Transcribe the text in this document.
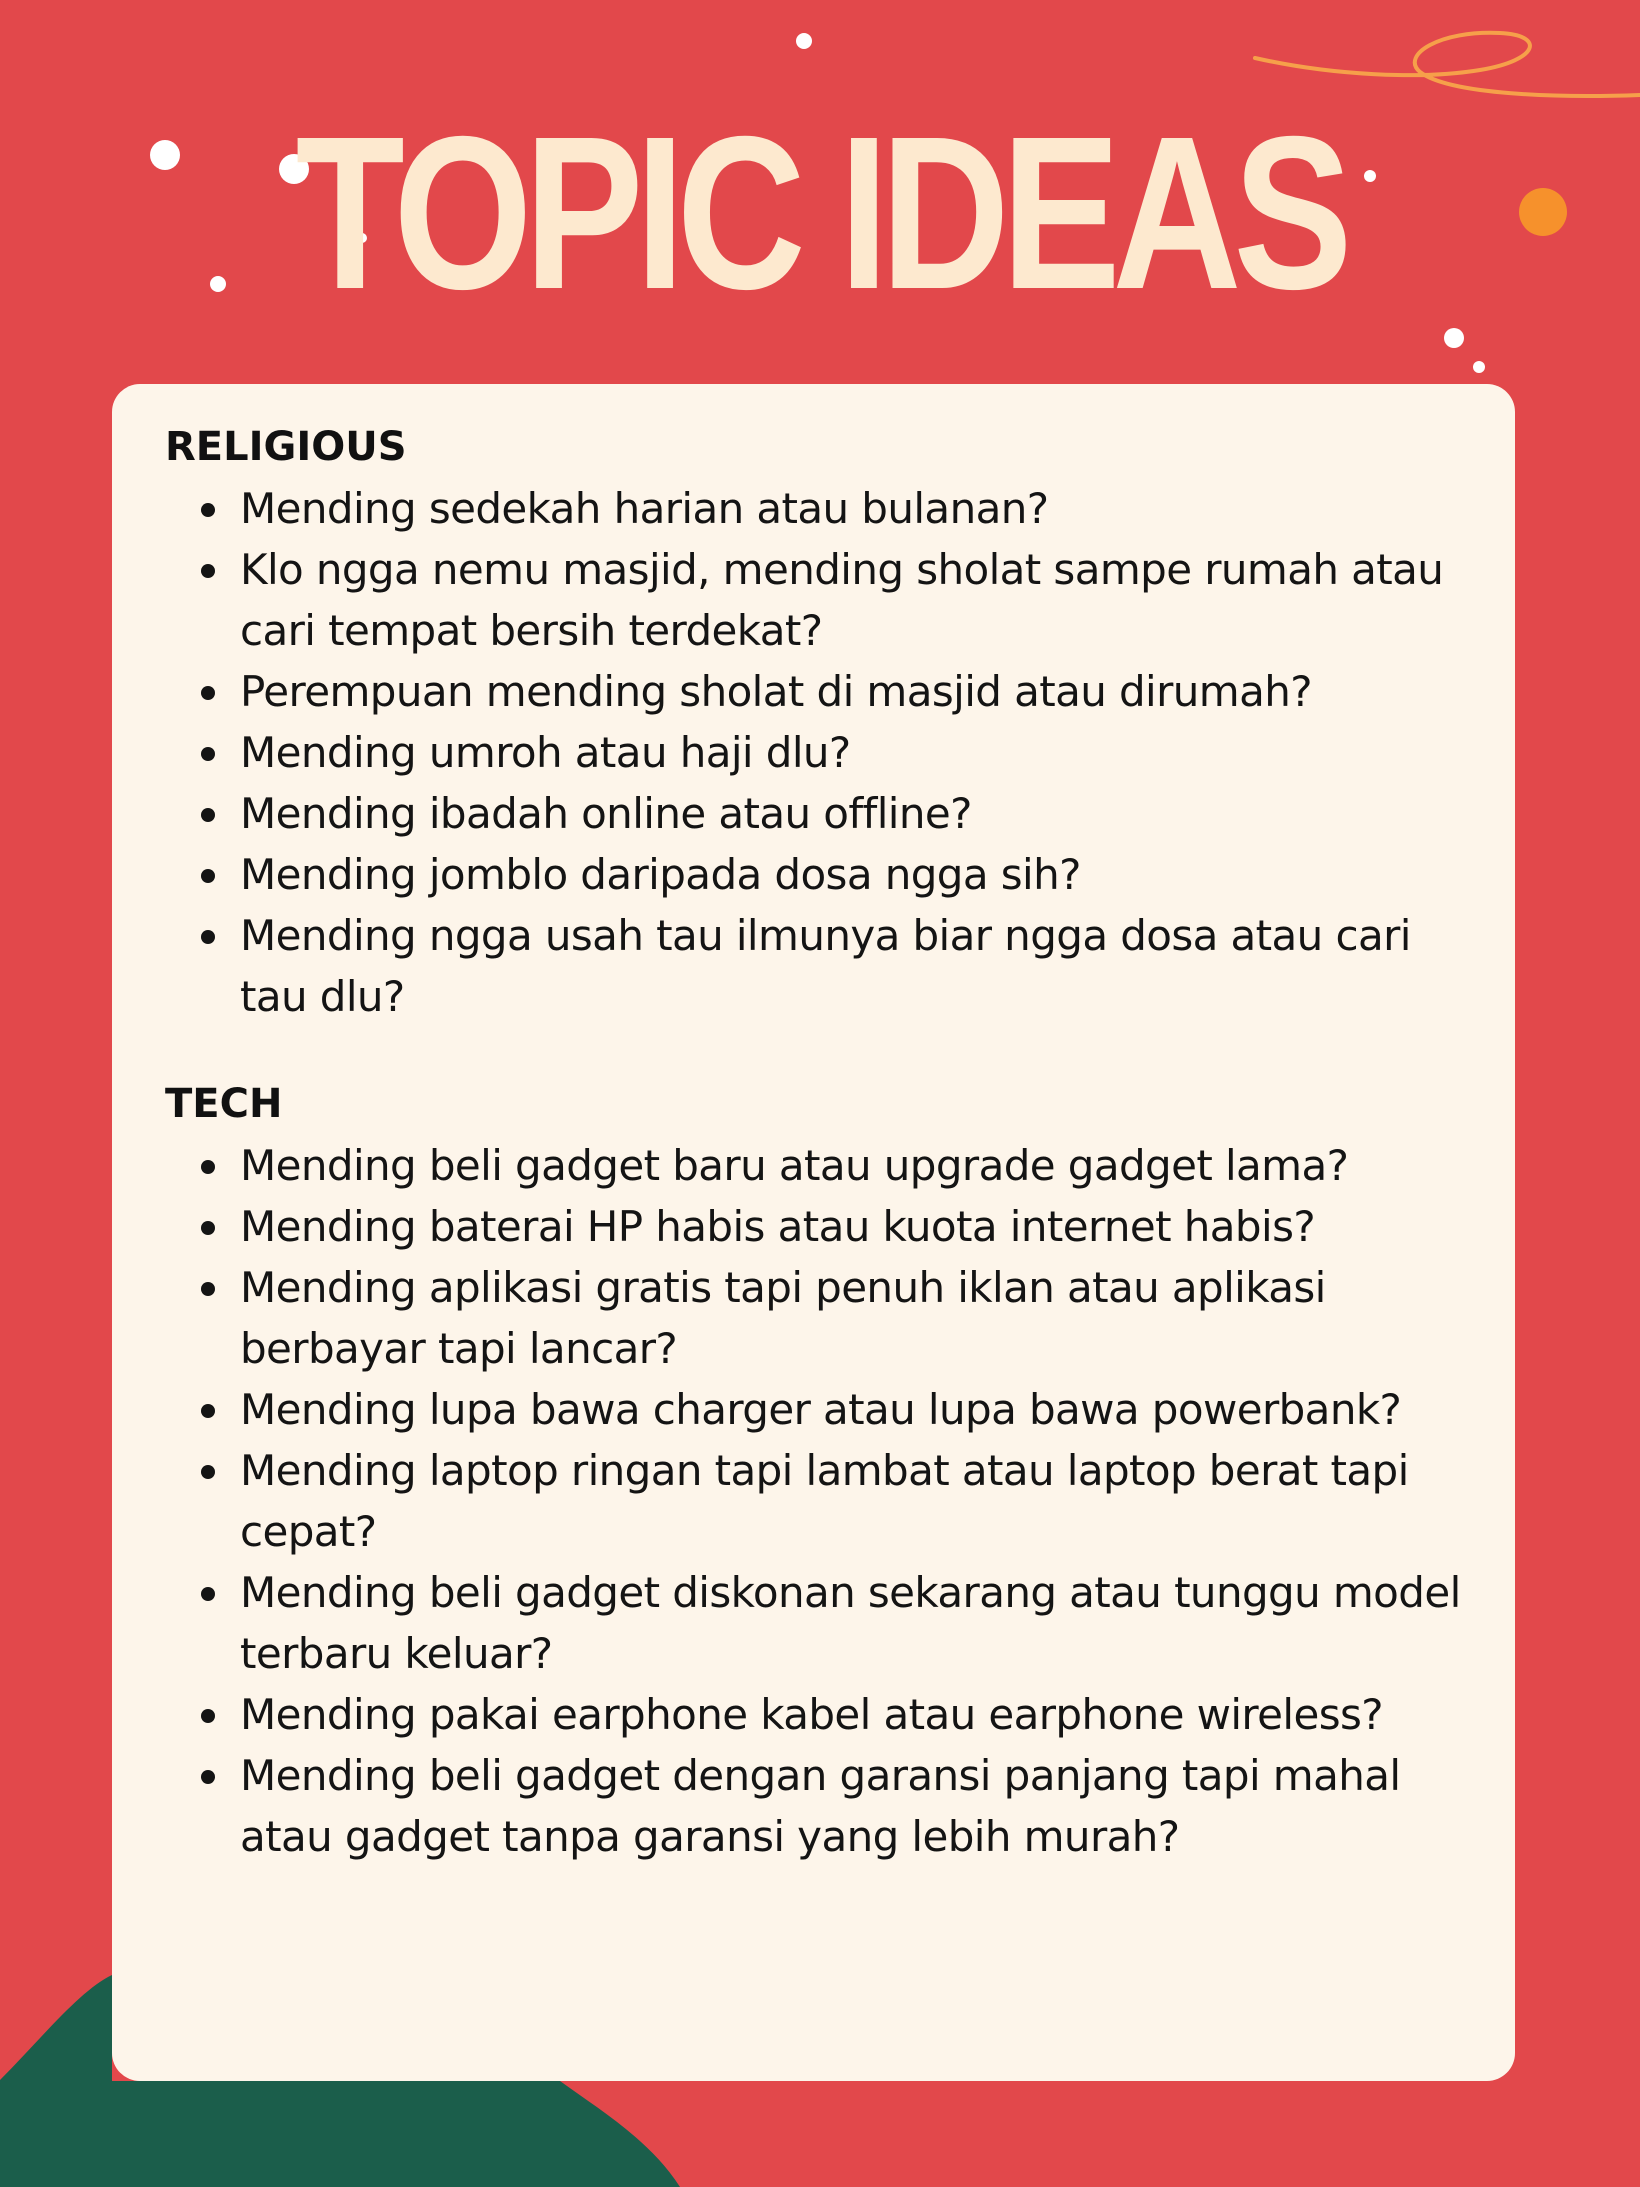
TOPIC IDEAS
RELIGIOUS
Mending sedekah harian atau bulanan?
Klo ngga nemu masjid, mending sholat sampe rumah atau cari tempat bersih terdekat?
Perempuan mending sholat di masjid atau dirumah?
Mending umroh atau haji dlu?
Mending ibadah online atau offline?
Mending jomblo daripada dosa ngga sih?
Mending ngga usah tau ilmunya biar ngga dosa atau cari tau dlu?
TECH
Mending beli gadget baru atau upgrade gadget lama?
Mending baterai HP habis atau kuota internet habis?
Mending aplikasi gratis tapi penuh iklan atau aplikasi berbayar tapi lancar?
Mending lupa bawa charger atau lupa bawa powerbank?
Mending laptop ringan tapi lambat atau laptop berat tapi cepat?
Mending beli gadget diskonan sekarang atau tunggu model terbaru keluar?
Mending pakai earphone kabel atau earphone wireless?
Mending beli gadget dengan garansi panjang tapi mahal atau gadget tanpa garansi yang lebih murah?
